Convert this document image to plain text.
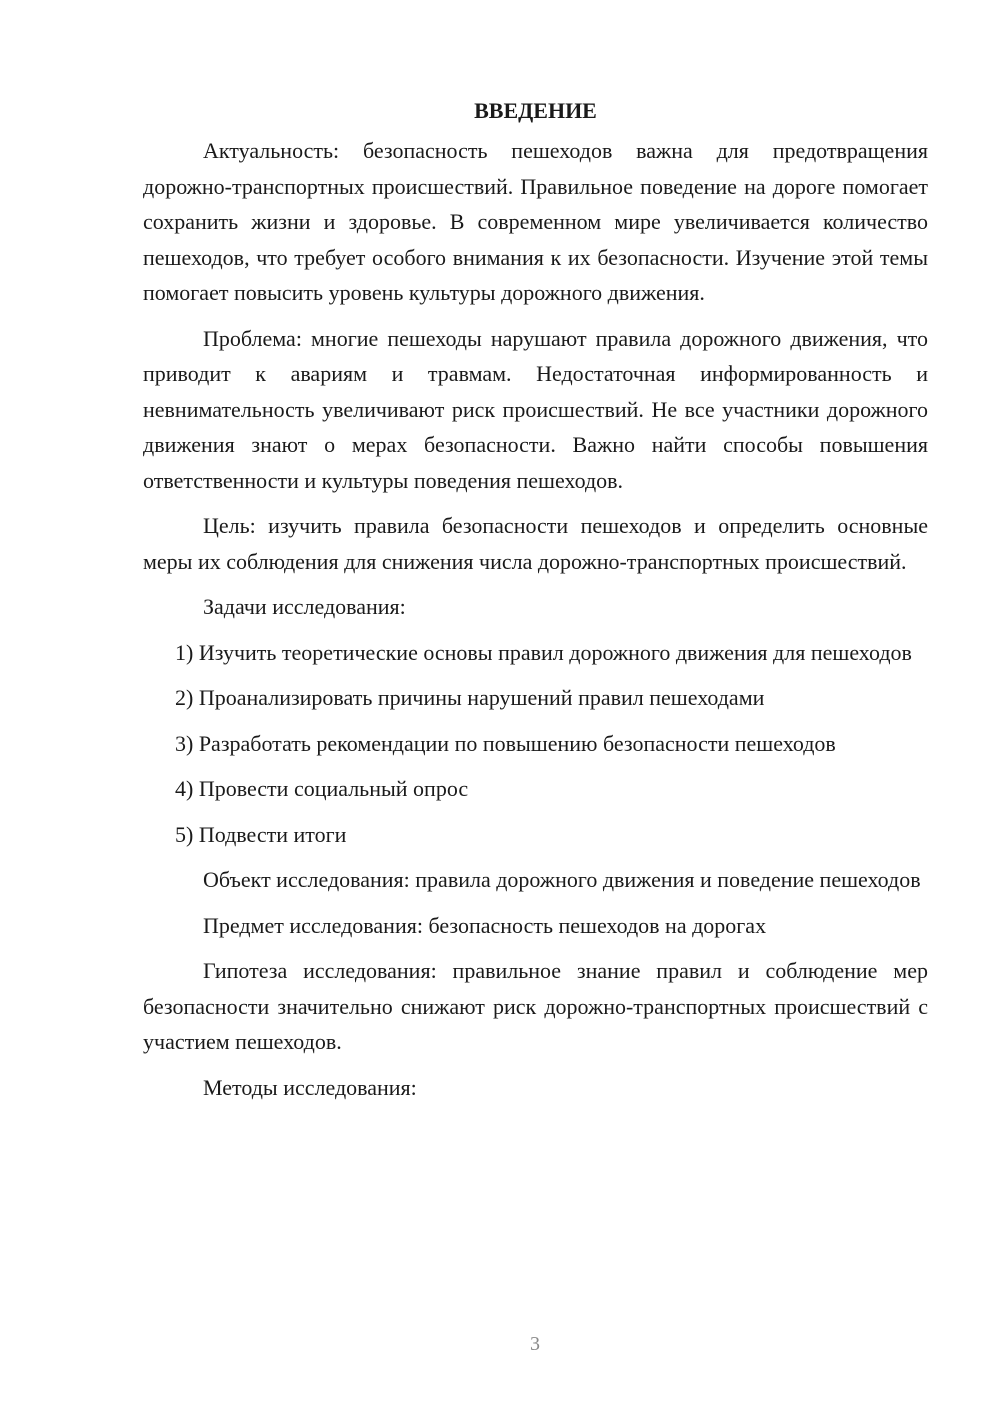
ВВЕДЕНИЕ

Актуальность: безопасность пешеходов важна для предотвращения дорожно-транспортных происшествий. Правильное поведение на дороге помогает сохранить жизни и здоровье. В современном мире увеличивается количество пешеходов, что требует особого внимания к их безопасности. Изучение этой темы помогает повысить уровень культуры дорожного движения.

Проблема: многие пешеходы нарушают правила дорожного движения, что приводит к авариям и травмам. Недостаточная информированность и невнимательность увеличивают риск происшествий. Не все участники дорожного движения знают о мерах безопасности. Важно найти способы повышения ответственности и культуры поведения пешеходов.

Цель: изучить правила безопасности пешеходов и определить основные меры их соблюдения для снижения числа дорожно-транспортных происшествий.

Задачи исследования:

1) Изучить теоретические основы правил дорожного движения для пешеходов

2) Проанализировать причины нарушений правил пешеходами

3) Разработать рекомендации по повышению безопасности пешеходов

4) Провести социальный опрос

5) Подвести итоги

Объект исследования: правила дорожного движения и поведение пешеходов

Предмет исследования: безопасность пешеходов на дорогах

Гипотеза исследования: правильное знание правил и соблюдение мер безопасности значительно снижают риск дорожно-транспортных происшествий с участием пешеходов.

Методы исследования:

3
